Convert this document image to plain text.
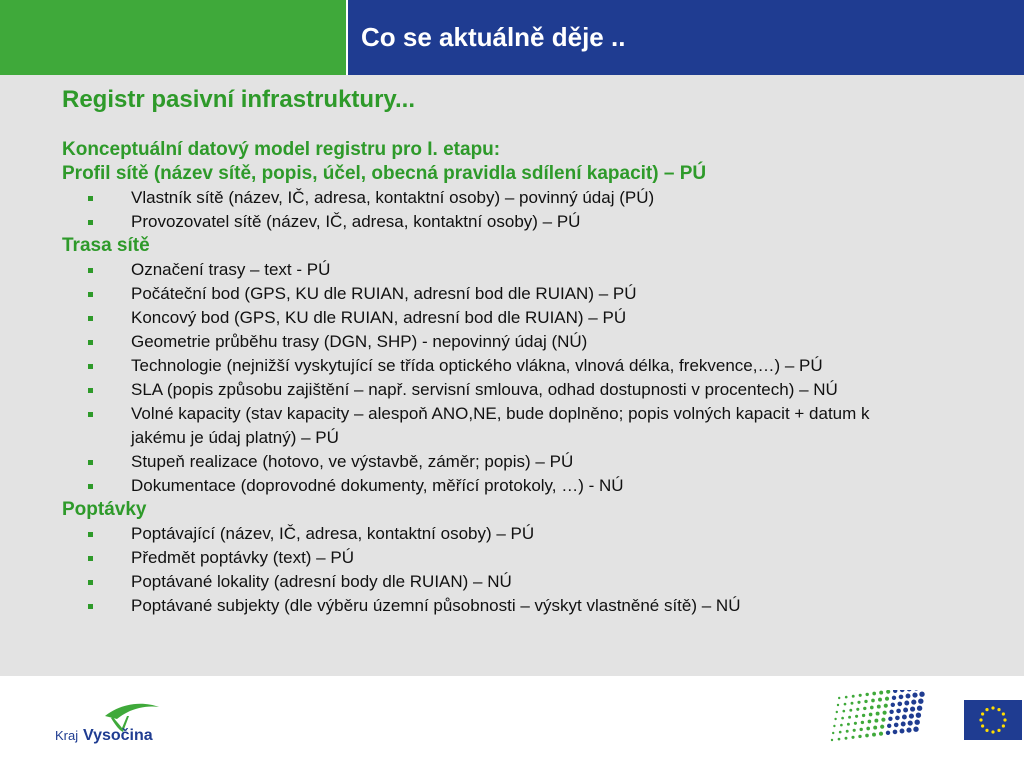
Co se aktuálně děje ..
Registr pasivní infrastruktury...
Konceptuální datový model registru pro I. etapu:
Profil sítě (název sítě, popis, účel, obecná pravidla sdílení kapacit) – PÚ
Vlastník sítě (název, IČ, adresa, kontaktní osoby) – povinný údaj (PÚ)
Provozovatel sítě (název, IČ, adresa, kontaktní osoby) – PÚ
Trasa sítě
Označení trasy – text - PÚ
Počáteční bod (GPS, KU dle RUIAN, adresní bod dle RUIAN) – PÚ
Koncový bod (GPS, KU dle RUIAN, adresní bod dle RUIAN) – PÚ
Geometrie průběhu trasy (DGN, SHP) - nepovinný údaj (NÚ)
Technologie (nejnižší vyskytující se třída optického vlákna, vlnová délka, frekvence,…) – PÚ
SLA (popis způsobu zajištění – např. servisní smlouva, odhad dostupnosti v procentech) – NÚ
Volné kapacity (stav kapacity – alespoň ANO,NE, bude doplněno; popis volných kapacit + datum k jakému je údaj platný) – PÚ
Stupeň realizace (hotovo, ve výstavbě, záměr; popis) – PÚ
Dokumentace (doprovodné dokumenty, měřící protokoly, …) - NÚ
Poptávky
Poptávající (název, IČ, adresa, kontaktní osoby) – PÚ
Předmět poptávky (text) – PÚ
Poptávané lokality (adresní body dle RUIAN) – NÚ
Poptávané subjekty (dle výběru územní působnosti – výskyt vlastněné sítě) – NÚ
Kraj Vysočina
